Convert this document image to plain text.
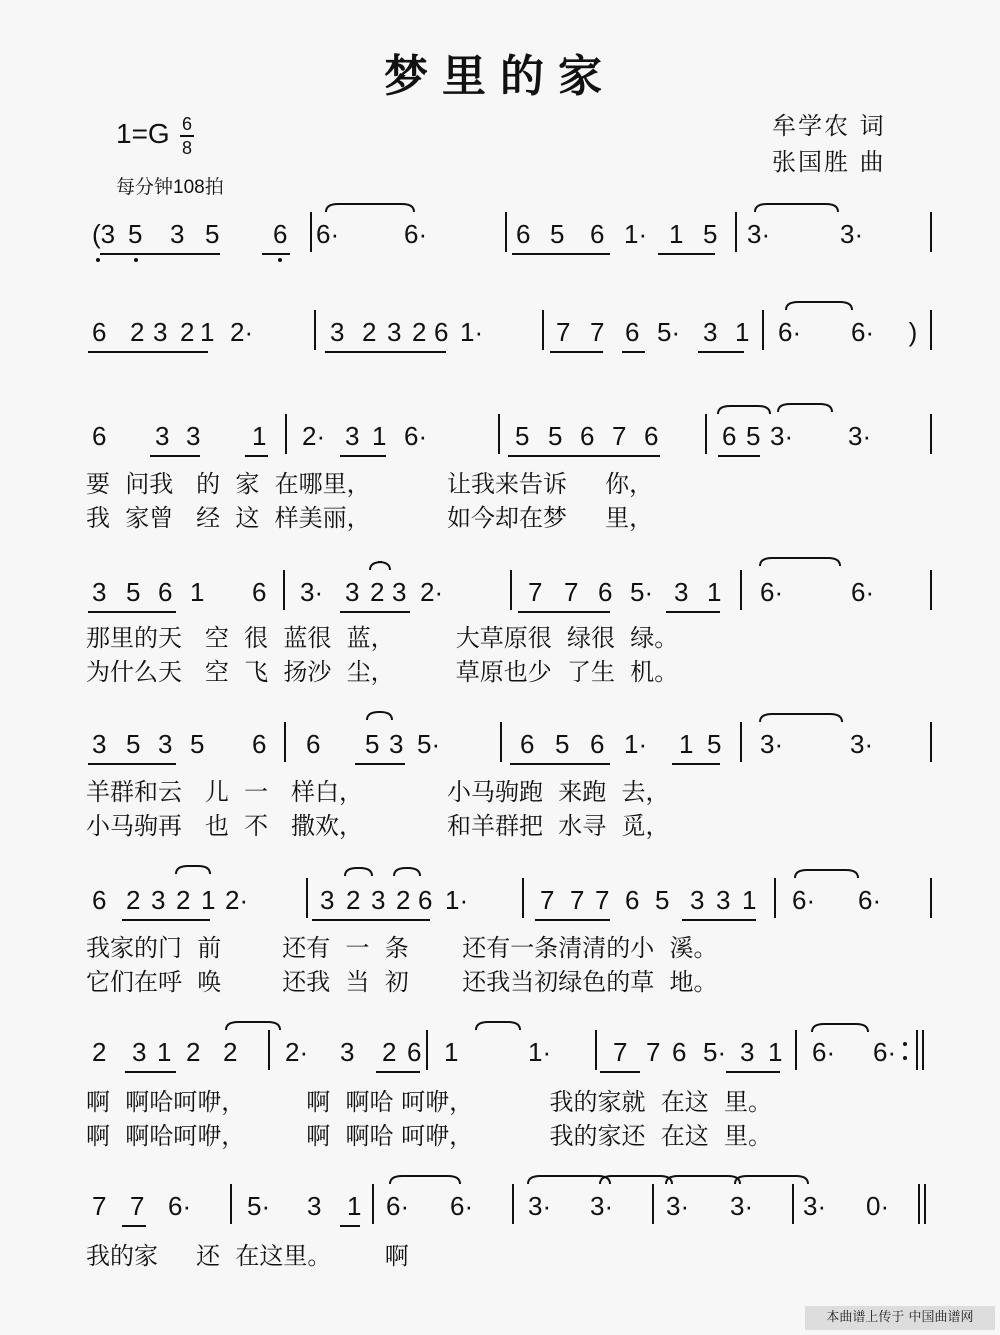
梦里的家
牟学农 词
张国胜 曲
1=G 6
8
每分钟108拍
(3 5 3 5 6 6· 6·	6 5 6 1· 1 5 3·	3·
6 2 3 2 1 2·	3 2 3 2 6 1·	7 7 6 5· 3 1 6· 6· )
6 3 3 1 2· 3 1 6·	5 5 6 7 6 6 5 3· 3·
要  问我   的  家  在哪里，          让我来告诉     你，
我  家曾   经  这  样美丽，          如今却在梦     里，
3 5 6 1 6 3· 3 2 3 2·	7 7 6 5· 3 1 6·	6·
那里的天   空  很  蓝很  蓝，        大草原很  绿很  绿。
为什么天   空  飞  扬沙  尘，        草原也少  了生  机。
3 5 3 5 6 6 5 3 5·	6 5 6 1· 1 5 3·	3·
羊群和云   儿  一   样白，           小马驹跑  来跑  去，
小马驹再   也  不   撒欢，           和羊群把  水寻  觅，
6 2 3 2 1 2·	3 2 3 2 6 1·	7 7 7 6 5 3 3 1 6· 6·
我家的门  前        还有  一  条       还有一条清清的小  溪。
它们在呼  唤        还我  当  初       还我当初绿色的草  地。
2 3 1 2 2 2· 3 2 6 1	1· 7 7 6 5· 3 1 6· 6·
啊  啊哈呵咿，        啊  啊哈 呵咿，          我的家就  在这  里。
啊  啊哈呵咿，        啊  啊哈 呵咿，          我的家还  在这  里。
7 7 6· 5· 3 1 6· 6· 3· 3· 3· 3· 3· 0·
我的家     还  在这里。       啊
本曲谱上传于 中国曲谱网
